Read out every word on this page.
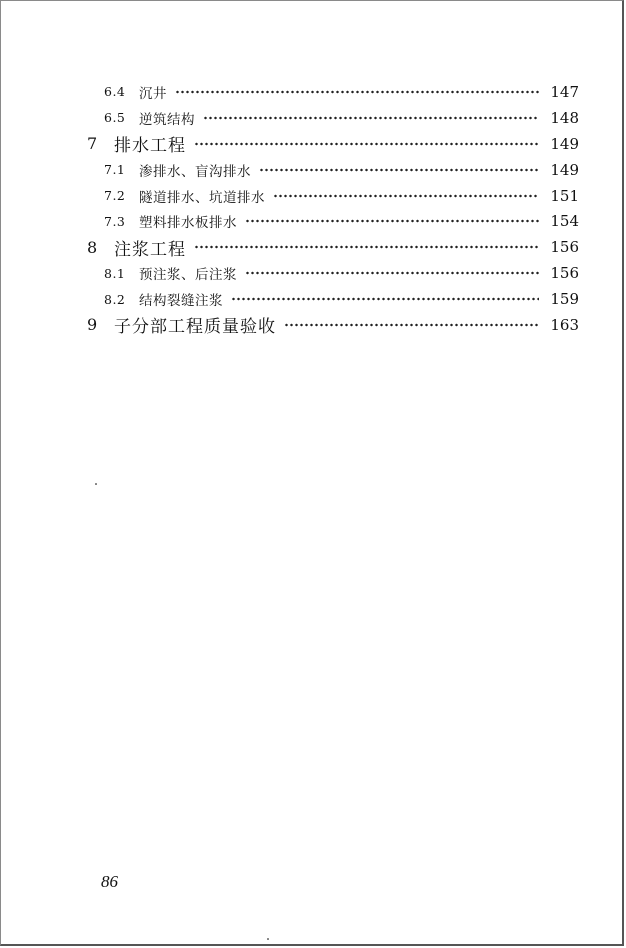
6.4	沉井	147
6.5	逆筑结构	148
7 排水工程	149
7.1	渗排水、盲沟排水	149
7.2	隧道排水、坑道排水	151
7.3	塑料排水板排水	154
8 注浆工程	156
8.1	预注浆、后注浆	156
8.2	结构裂缝注浆	159
9 子分部工程质量验收	163
86
